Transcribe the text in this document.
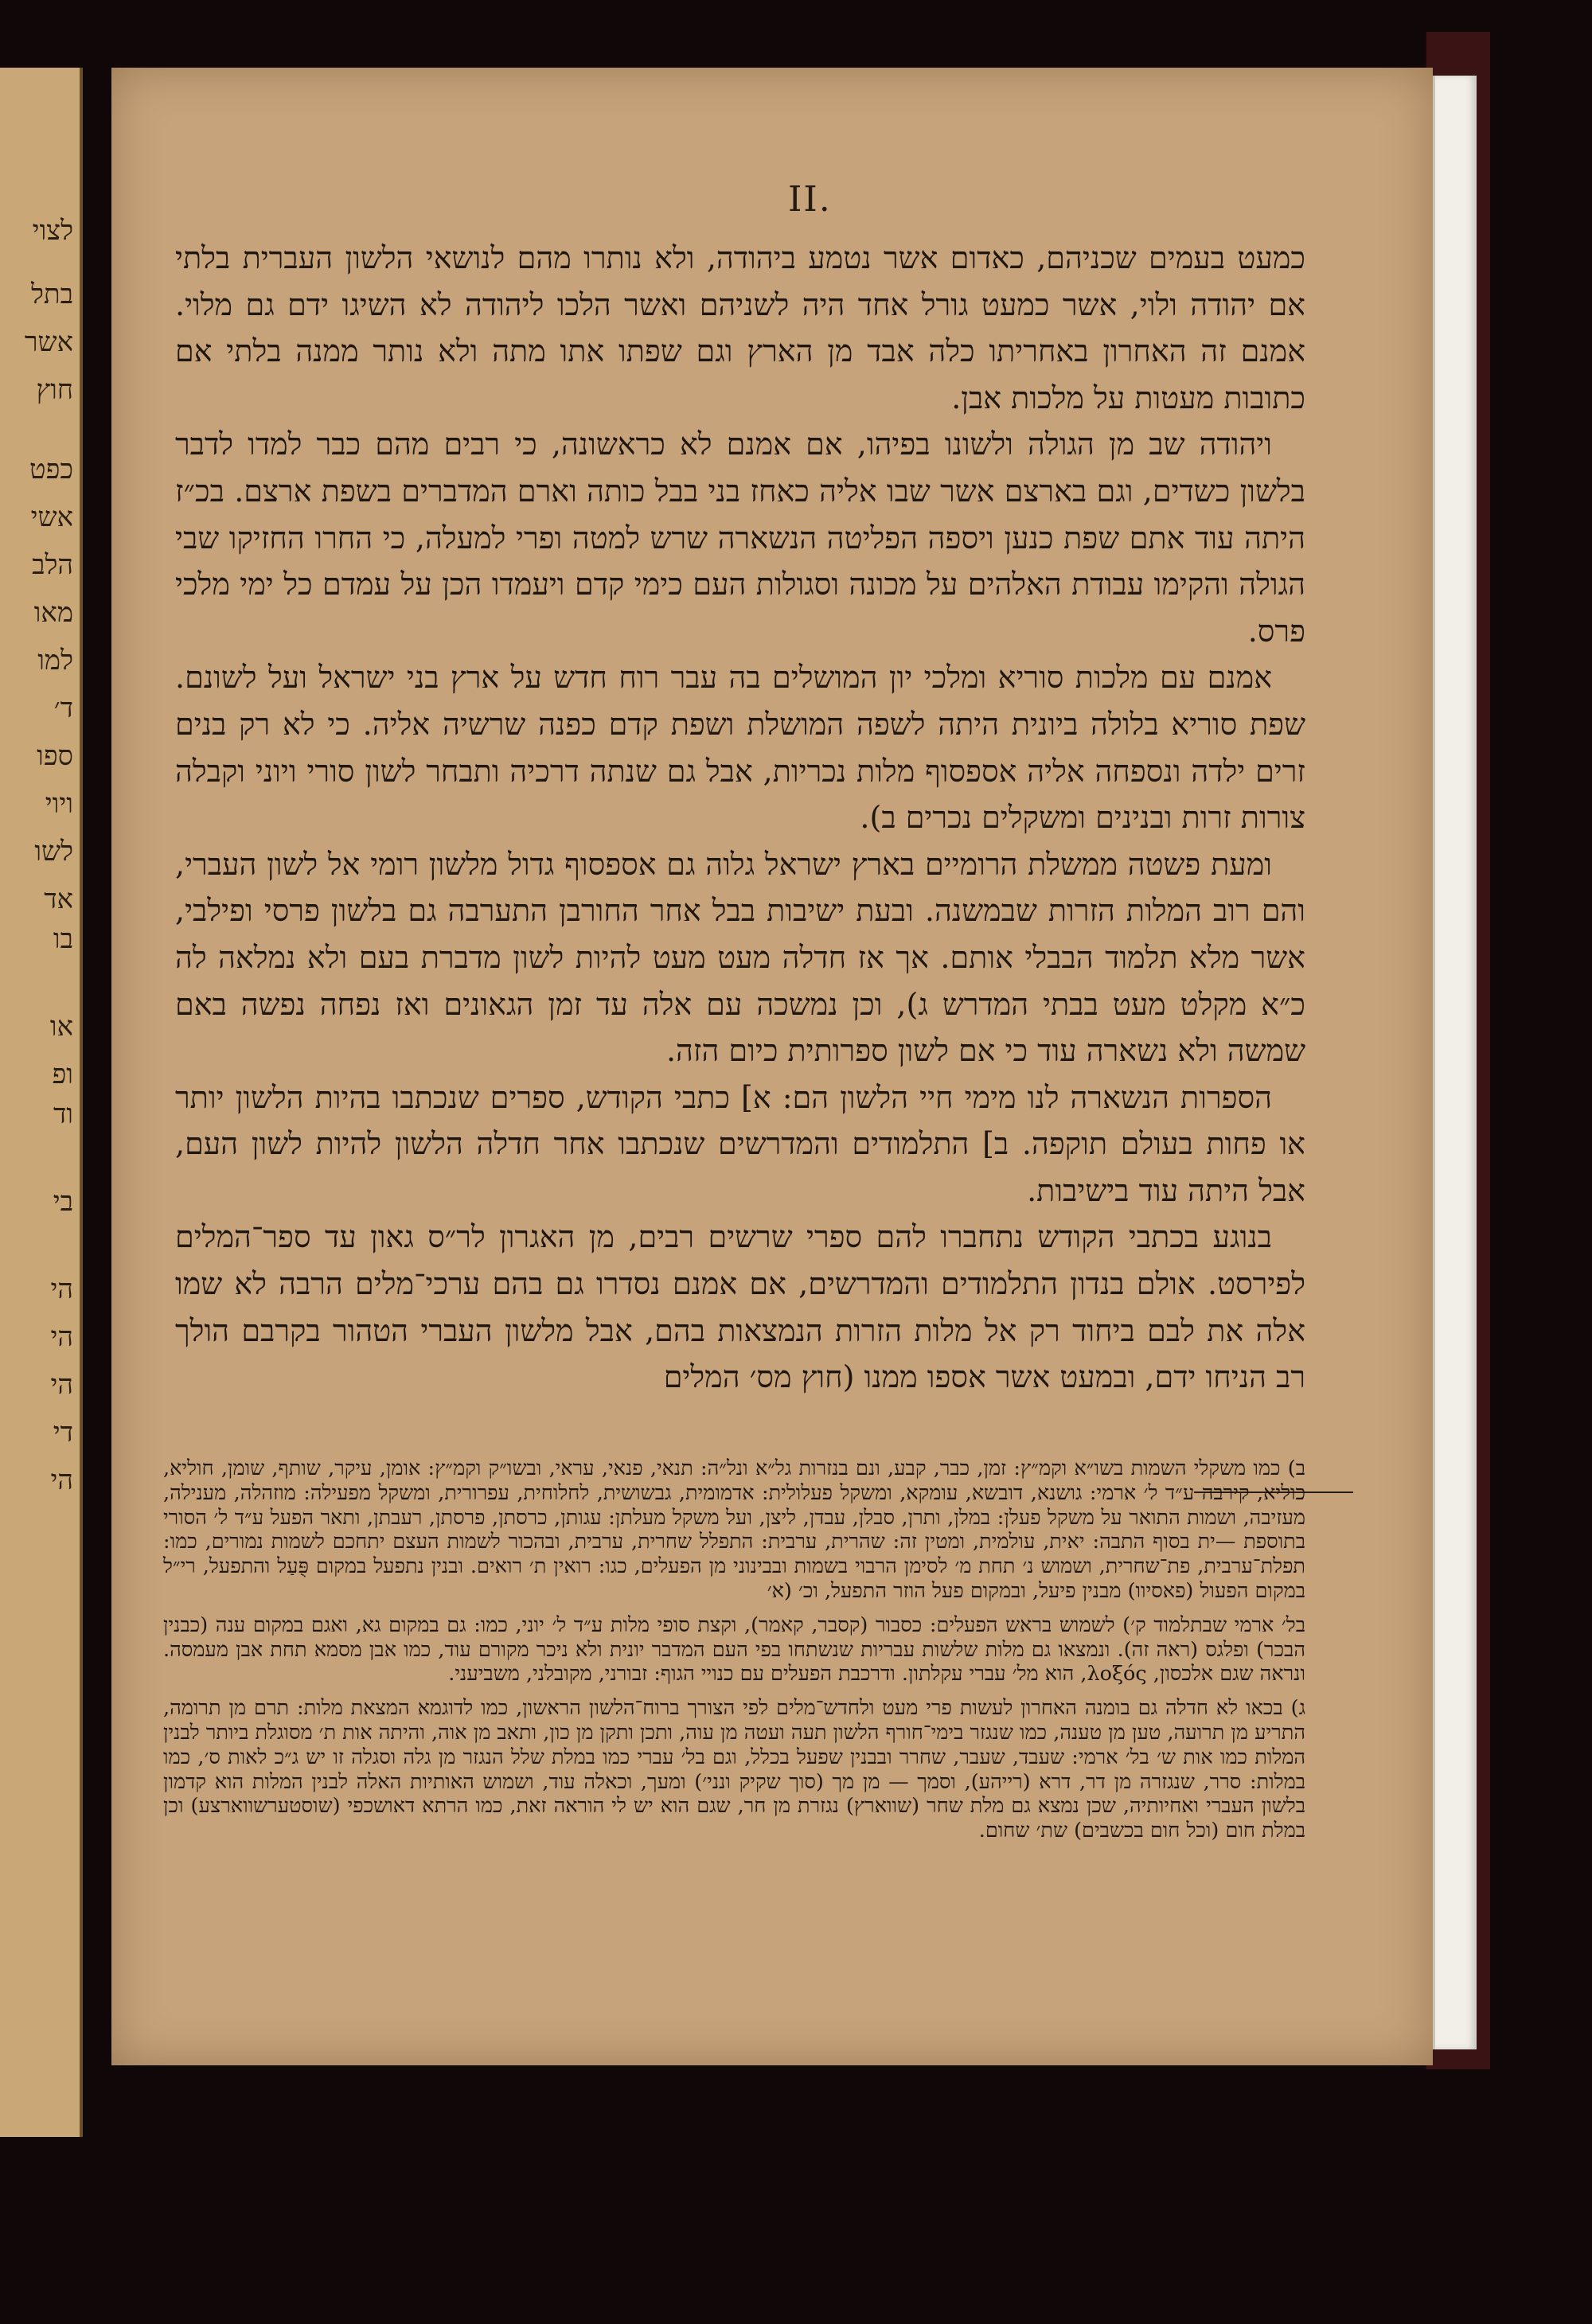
לצוי
בתל
אשר
חוץ
כפט
אשי
הלב
מאו
למו
ד׳
ספו
ויוי
לשו
אד
בו
או
ופ
וד
בי
הי
הי
הי
די
הי
II.

כמעט בעמים שכניהם, כאדום אשר נטמע ביהודה, ולא נותרו מהם לנושאי הלשון העברית בלתי אם יהודה ולוי, אשר כמעט גורל אחד היה לשניהם ואשר הלכו ליהודה לא השיגו ידם גם מלוי. אמנם זה האחרון באחריתו כלה אבד מן הארץ וגם שפתו אתו מתה ולא נותר ממנה בלתי אם כתובות מעטות על מלכות אבן.

ויהודה שב מן הגולה ולשונו בפיהו, אם אמנם לא כראשונה, כי רבים מהם כבר למדו לדבר בלשון כשדים, וגם בארצם אשר שבו אליה כאחז בני בבל כותה וארם המדברים בשפת ארצם. בכ״ז היתה עוד אתם שפת כנען ויספה הפליטה הנשארה שרש למטה ופרי למעלה, כי החרו החזיקו שבי הגולה והקימו עבודת האלהים על מכונה וסגולות העם כימי קדם ויעמדו הכן על עמדם כל ימי מלכי פרס.

אמנם עם מלכות סוריא ומלכי יון המושלים בה עבר רוח חדש על ארץ בני ישראל ועל לשונם. שפת סוריא בלולה ביונית היתה לשפה המושלת ושפת קדם כפנה שרשיה אליה. כי לא רק בנים זרים ילדה ונספחה אליה אספסוף מלות נכריות, אבל גם שנתה דרכיה ותבחר לשון סורי ויוני וקבלה צורות זרות ובנינים ומשקלים נכרים ב).

ומעת פשטה ממשלת הרומיים בארץ ישראל גלוה גם אספסוף גדול מלשון רומי אל לשון העברי, והם רוב המלות הזרות שבמשנה. ובעת ישיבות בבל אחר החורבן התערבה גם בלשון פרסי ופילבי, אשר מלא תלמוד הבבלי אותם. אך אז חדלה מעט מעט להיות לשון מדברת בעם ולא נמלאה לה כ״א מקלט מעט בבתי המדרש ג), וכן נמשכה עם אלה עד זמן הגאונים ואז נפחה נפשה באם שמשה ולא נשארה עוד כי אם לשון ספרותית כיום הזה.

הספרות הנשארה לנו מימי חיי הלשון הם: א] כתבי הקודש, ספרים שנכתבו בהיות הלשון יותר או פחות בעולם תוקפה. ב] התלמודים והמדרשים שנכתבו אחר חדלה הלשון להיות לשון העם, אבל היתה עוד בישיבות.

בנוגע בכתבי הקודש נתחברו להם ספרי שרשים רבים, מן האגרון לר״ס גאון עד ספר־המלים לפירסט. אולם בנדון התלמודים והמדרשים, אם אמנם נסדרו גם בהם ערכי־מלים הרבה לא שמו אלה את לבם ביחוד רק אל מלות הזרות הנמצאות בהם, אבל מלשון העברי הטהור בקרבם הולך רב הניחו ידם, ובמעט אשר אספו ממנו (חוץ מס׳ המלים

ב) כמו משקלי השמות בשו״א וקמ״ץ: זמן, כבר, קבע, ונם בנזרות גל״א ונל״ה: תנאי, פנאי, עראי, ובשו״ק וקמ״ץ: אומן, עיקר, שותף, שומן, חוליא, כוליא, קירבה ע״ד ל׳ ארמי: גושנא, דובשא, עומקא, ומשקל פעלולית: אדמומית, גבשושית, לחלוחית, עפרורית, ומשקל מפעילה: מוזהלה, מענילה, מעזיבה, ושמות התואר על משקל פעלן: במלן, ותרן, סבלן, עבדן, ליצן, ועל משקל מעלתן: עגותן, כרסתן, פרסתן, רעבתן, ותאר הפעל ע״ד ל׳ הסורי בתוספת —ית בסוף התבה: יאית, עולמית, ומטין זה: שהרית, ערבית: התפלל שחרית, ערבית, ובהכור לשמות העצם יתחכם לשמות נמורים, כמו: תפלת־ערבית, פת־שחרית, ושמוש נ׳ תחת מ׳ לסימן הרבוי בשמות ובבינוני מן הפעלים, כגו: רואין ת׳ רואים. ובנין נתפעל במקום פֻּעַל והתפעל, רי״ל במקום הפעול (פאסיוו) מבנין פיעל, ובמקום פעל הוזר התפעל, וכ׳ (א׳

בל׳ ארמי שבתלמוד ק׳) לשמוש בראש הפעלים: כסבור (קסבר, קאמר), וקצת סופי מלות ע״ד ל׳ יוני, כמו: גם במקום גא, ואגם במקום ענה (כבנין הבכר) ופלגס (ראה זה). ונמצאו גם מלות שלשות עבריות שנשתחו בפי העם המדבר יונית ולא ניכר מקורם עוד, כמו אבן מסמא תחת אבן מעמסה. ונראה שגם אלכסון, λοξός, הוא מל׳ עברי עקלתון. ודרכבת הפעלים עם כנויי הגוף: זבורני, מקובלני, משביעני.

ג) בכאו לא חדלה גם בומנה האחרון לעשות פרי מעט ולחדש־מלים לפי הצורך ברוח־הלשון הראשון, כמו לדוגמא המצאת מלות: תרם מן תרומה, התריע מן תרועה, טען מן טענה, כמו שנגזר בימי־חורף הלשון תעה ועטה מן עוה, ותכן ותקן מן כון, ותאב מן אוה, והיתה אות ת׳ מסוגלת ביותר לבנין המלות כמו אות ש׳ בל׳ ארמי: שעבד, שעבר, שחרר ובבנין שפעל בכלל, וגם בל׳ עברי כמו במלת שלל הנגזר מן גלה וסגלה זו יש ג״כ לאות ס׳, כמו במלות: סרר, שנגזרה מן דר, דרא (רייהע), וסמך — מן מך (סוך שקיק ונני׳) ומעך, וכאלה עוד, ושמוש האותיות האלה לבנין המלות הוא קדמון בלשון העברי ואחיותיה, שכן נמצא גם מלת שחר (שווארץ) נגזרת מן חר, שגם הוא יש לי הוראה זאת, כמו הרתא דאושכפי (שוסטערשווארצע) וכן במלת חום (וכל חום בכשבים) שת׳ שחום.
